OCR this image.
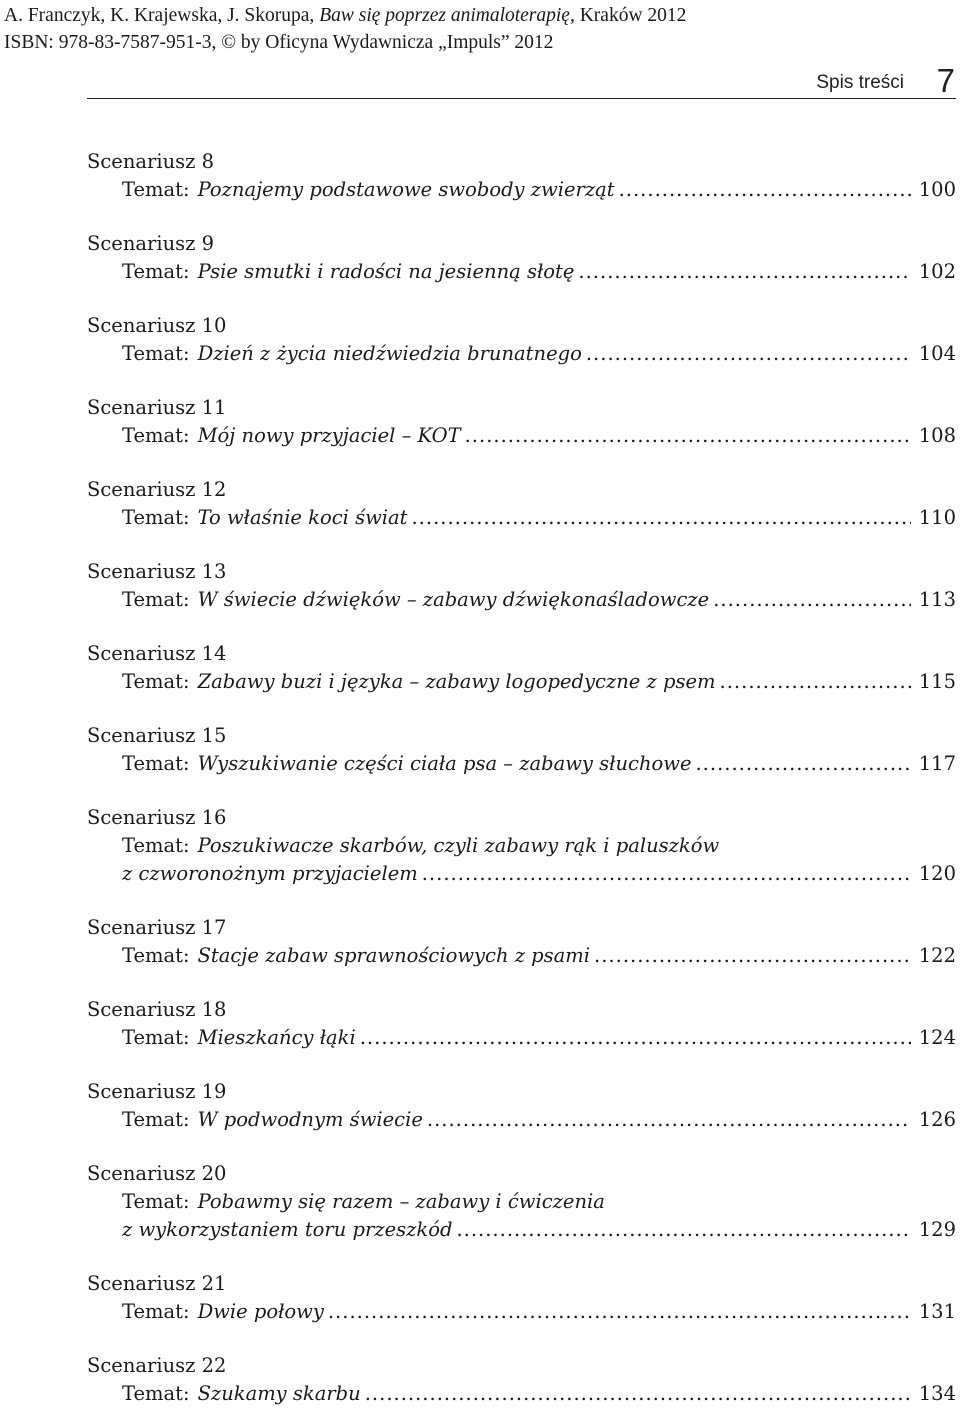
A. Franczyk, K. Krajewska, J. Skorupa, Baw się poprzez animaloterapię, Kraków 2012
ISBN: 978-83-7587-951-3, © by Oficyna Wydawnicza „Impuls” 2012
Spis treści 7
Scenariusz 8
Temat: Poznajemy podstawowe swobody zwierząt .....	100
Scenariusz 9
Temat: Psie smutki i radości na jesienną słotę .....	102
Scenariusz 10
Temat: Dzień z życia niedźwiedzia brunatnego .....	104
Scenariusz 11
Temat: Mój nowy przyjaciel – KOT .....	108
Scenariusz 12
Temat: To właśnie koci świat .....	110
Scenariusz 13
Temat: W świecie dźwięków – zabawy dźwiękonaśladowcze .....	113
Scenariusz 14
Temat: Zabawy buzi i języka – zabawy logopedyczne z psem .....	115
Scenariusz 15
Temat: Wyszukiwanie części ciała psa – zabawy słuchowe .....	117
Scenariusz 16
Temat: Poszukiwacze skarbów, czyli zabawy rąk i paluszków
z czworonożnym przyjacielem .....	120
Scenariusz 17
Temat: Stacje zabaw sprawnościowych z psami .....	122
Scenariusz 18
Temat: Mieszkańcy łąki .....	124
Scenariusz 19
Temat: W podwodnym świecie .....	126
Scenariusz 20
Temat: Pobawmy się razem – zabawy i ćwiczenia
z wykorzystaniem toru przeszkód .....	129
Scenariusz 21
Temat: Dwie połowy .....	131
Scenariusz 22
Temat: Szukamy skarbu .....	134
